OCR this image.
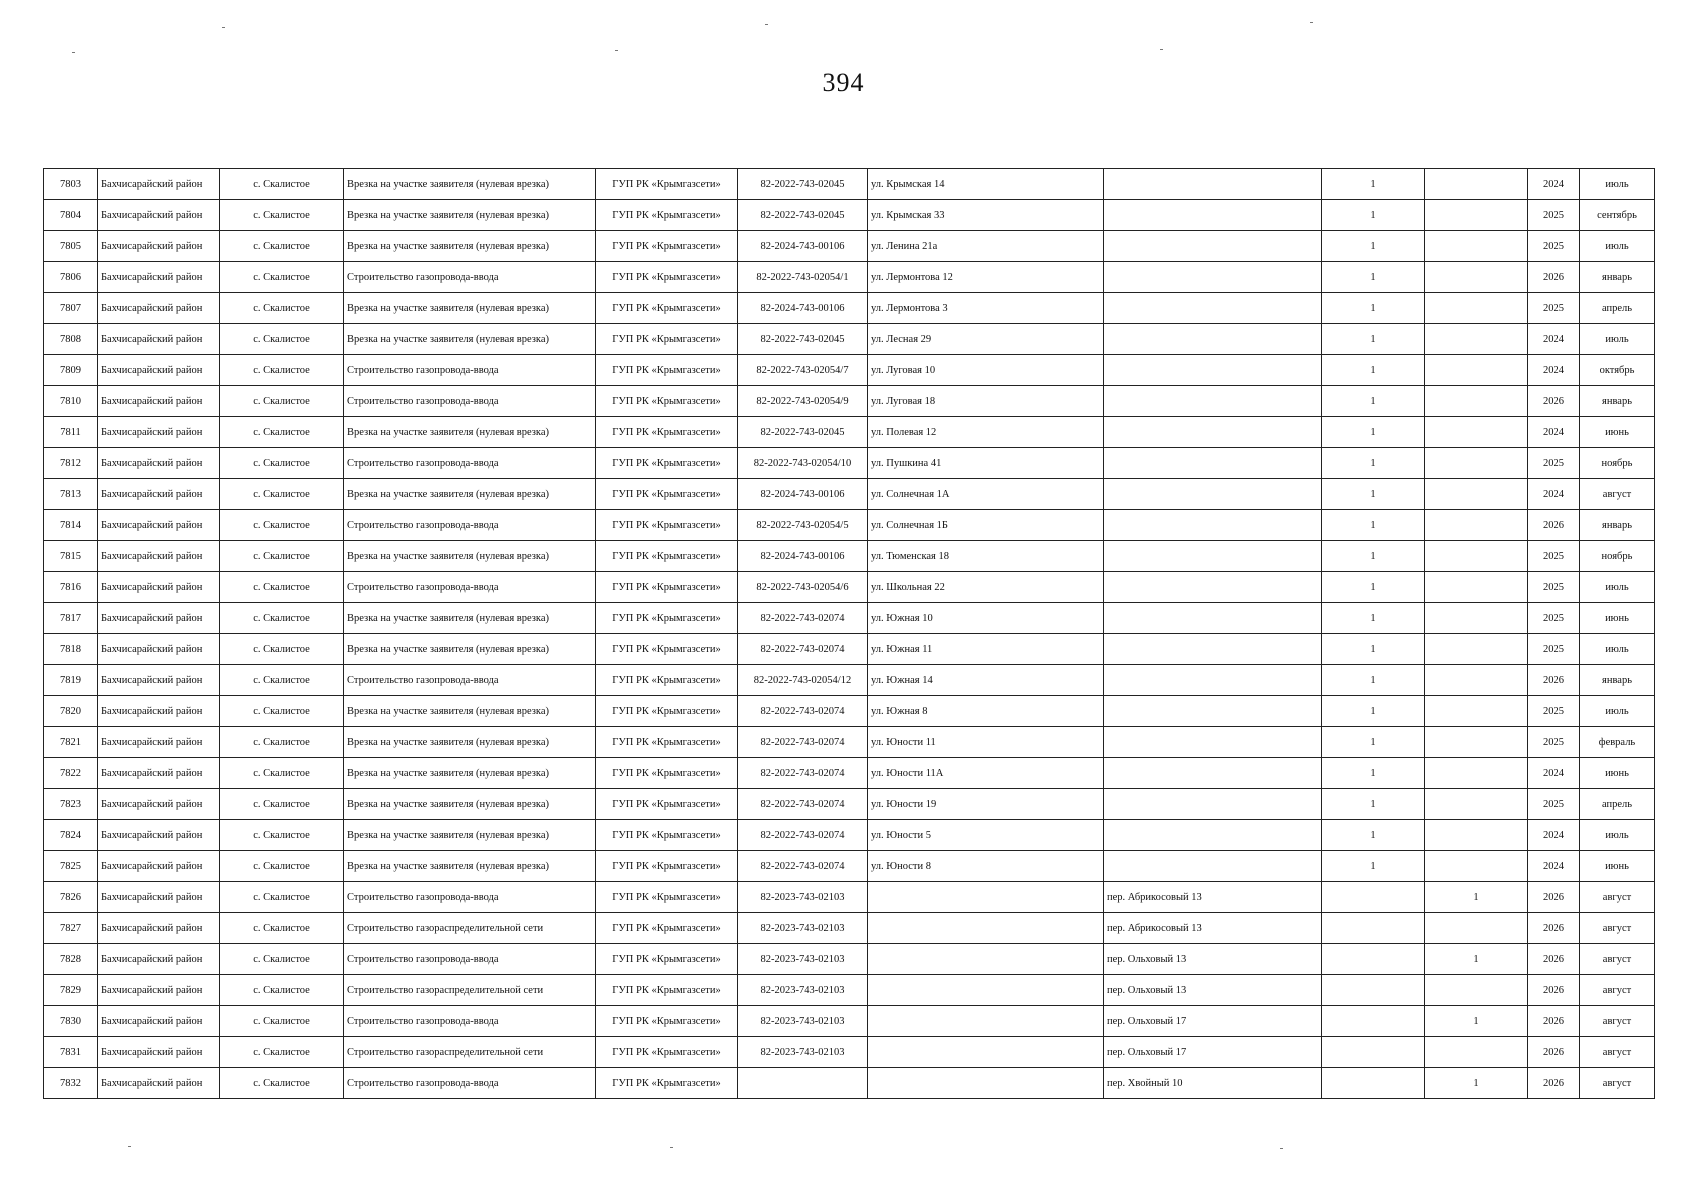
394
7803	Бахчисарайский район	с. Скалистое	Врезка на участке заявителя (нулевая врезка)	ГУП РК «Крымгазсети»	82-2022-743-02045	ул. Крымская 14		1		2024	июль
7804	Бахчисарайский район	с. Скалистое	Врезка на участке заявителя (нулевая врезка)	ГУП РК «Крымгазсети»	82-2022-743-02045	ул. Крымская 33		1		2025	сентябрь
7805	Бахчисарайский район	с. Скалистое	Врезка на участке заявителя (нулевая врезка)	ГУП РК «Крымгазсети»	82-2024-743-00106	ул. Ленина 21а		1		2025	июль
7806	Бахчисарайский район	с. Скалистое	Строительство газопровода-ввода	ГУП РК «Крымгазсети»	82-2022-743-02054/1	ул. Лермонтова 12		1		2026	январь
7807	Бахчисарайский район	с. Скалистое	Врезка на участке заявителя (нулевая врезка)	ГУП РК «Крымгазсети»	82-2024-743-00106	ул. Лермонтова 3		1		2025	апрель
7808	Бахчисарайский район	с. Скалистое	Врезка на участке заявителя (нулевая врезка)	ГУП РК «Крымгазсети»	82-2022-743-02045	ул. Лесная 29		1		2024	июль
7809	Бахчисарайский район	с. Скалистое	Строительство газопровода-ввода	ГУП РК «Крымгазсети»	82-2022-743-02054/7	ул. Луговая 10		1		2024	октябрь
7810	Бахчисарайский район	с. Скалистое	Строительство газопровода-ввода	ГУП РК «Крымгазсети»	82-2022-743-02054/9	ул. Луговая 18		1		2026	январь
7811	Бахчисарайский район	с. Скалистое	Врезка на участке заявителя (нулевая врезка)	ГУП РК «Крымгазсети»	82-2022-743-02045	ул. Полевая 12		1		2024	июнь
7812	Бахчисарайский район	с. Скалистое	Строительство газопровода-ввода	ГУП РК «Крымгазсети»	82-2022-743-02054/10	ул. Пушкина 41		1		2025	ноябрь
7813	Бахчисарайский район	с. Скалистое	Врезка на участке заявителя (нулевая врезка)	ГУП РК «Крымгазсети»	82-2024-743-00106	ул. Солнечная 1А		1		2024	август
7814	Бахчисарайский район	с. Скалистое	Строительство газопровода-ввода	ГУП РК «Крымгазсети»	82-2022-743-02054/5	ул. Солнечная 1Б		1		2026	январь
7815	Бахчисарайский район	с. Скалистое	Врезка на участке заявителя (нулевая врезка)	ГУП РК «Крымгазсети»	82-2024-743-00106	ул. Тюменская 18		1		2025	ноябрь
7816	Бахчисарайский район	с. Скалистое	Строительство газопровода-ввода	ГУП РК «Крымгазсети»	82-2022-743-02054/6	ул. Школьная 22		1		2025	июль
7817	Бахчисарайский район	с. Скалистое	Врезка на участке заявителя (нулевая врезка)	ГУП РК «Крымгазсети»	82-2022-743-02074	ул. Южная 10		1		2025	июнь
7818	Бахчисарайский район	с. Скалистое	Врезка на участке заявителя (нулевая врезка)	ГУП РК «Крымгазсети»	82-2022-743-02074	ул. Южная 11		1		2025	июль
7819	Бахчисарайский район	с. Скалистое	Строительство газопровода-ввода	ГУП РК «Крымгазсети»	82-2022-743-02054/12	ул. Южная 14		1		2026	январь
7820	Бахчисарайский район	с. Скалистое	Врезка на участке заявителя (нулевая врезка)	ГУП РК «Крымгазсети»	82-2022-743-02074	ул. Южная 8		1		2025	июль
7821	Бахчисарайский район	с. Скалистое	Врезка на участке заявителя (нулевая врезка)	ГУП РК «Крымгазсети»	82-2022-743-02074	ул. Юности 11		1		2025	февраль
7822	Бахчисарайский район	с. Скалистое	Врезка на участке заявителя (нулевая врезка)	ГУП РК «Крымгазсети»	82-2022-743-02074	ул. Юности 11А		1		2024	июнь
7823	Бахчисарайский район	с. Скалистое	Врезка на участке заявителя (нулевая врезка)	ГУП РК «Крымгазсети»	82-2022-743-02074	ул. Юности 19		1		2025	апрель
7824	Бахчисарайский район	с. Скалистое	Врезка на участке заявителя (нулевая врезка)	ГУП РК «Крымгазсети»	82-2022-743-02074	ул. Юности 5		1		2024	июль
7825	Бахчисарайский район	с. Скалистое	Врезка на участке заявителя (нулевая врезка)	ГУП РК «Крымгазсети»	82-2022-743-02074	ул. Юности 8		1		2024	июнь
7826	Бахчисарайский район	с. Скалистое	Строительство газопровода-ввода	ГУП РК «Крымгазсети»	82-2023-743-02103		пер. Абрикосовый 13		1	2026	август
7827	Бахчисарайский район	с. Скалистое	Строительство газораспределительной сети	ГУП РК «Крымгазсети»	82-2023-743-02103		пер. Абрикосовый 13			2026	август
7828	Бахчисарайский район	с. Скалистое	Строительство газопровода-ввода	ГУП РК «Крымгазсети»	82-2023-743-02103		пер. Ольховый 13		1	2026	август
7829	Бахчисарайский район	с. Скалистое	Строительство газораспределительной сети	ГУП РК «Крымгазсети»	82-2023-743-02103		пер. Ольховый 13			2026	август
7830	Бахчисарайский район	с. Скалистое	Строительство газопровода-ввода	ГУП РК «Крымгазсети»	82-2023-743-02103		пер. Ольховый 17		1	2026	август
7831	Бахчисарайский район	с. Скалистое	Строительство газораспределительной сети	ГУП РК «Крымгазсети»	82-2023-743-02103		пер. Ольховый 17			2026	август
7832	Бахчисарайский район	с. Скалистое	Строительство газопровода-ввода	ГУП РК «Крымгазсети»			пер. Хвойный 10		1	2026	август
